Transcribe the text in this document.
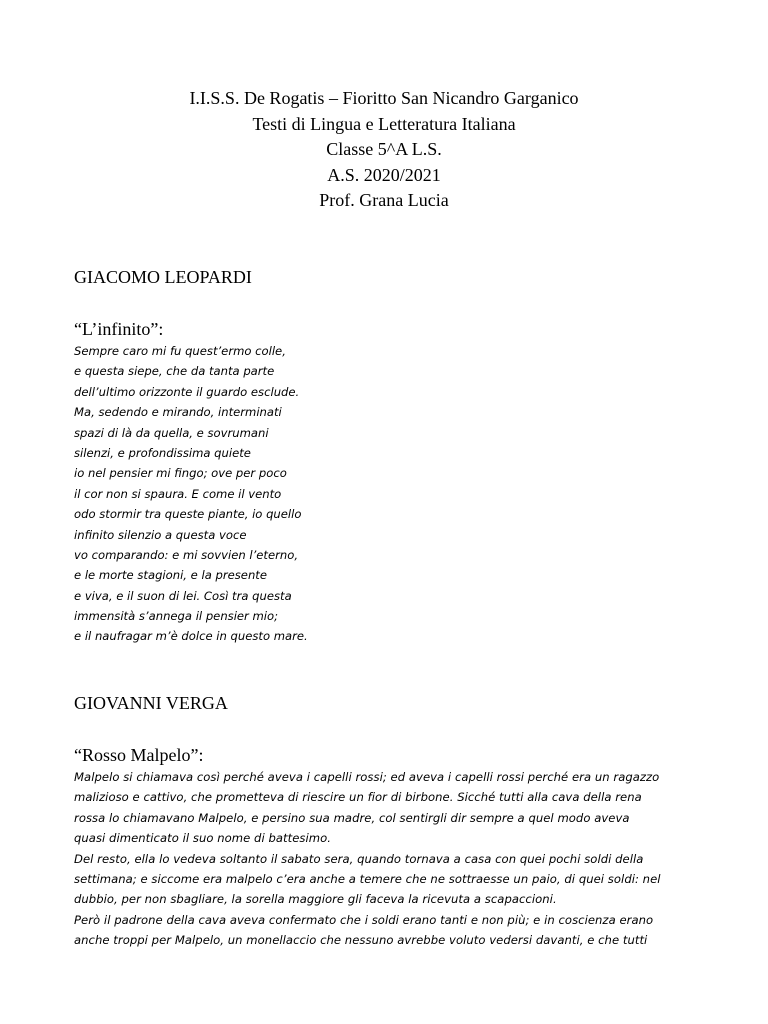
I.I.S.S. De Rogatis – Fioritto San Nicandro Garganico
Testi di Lingua e Letteratura Italiana
Classe 5^A L.S.
A.S. 2020/2021
Prof. Grana Lucia
GIACOMO LEOPARDI
“L’infinito”:
Sempre caro mi fu quest’ermo colle,
e questa siepe, che da tanta parte
dell’ultimo orizzonte il guardo esclude.
Ma, sedendo e mirando, interminati
spazi di là da quella, e sovrumani
silenzi, e profondissima quiete
io nel pensier mi fingo; ove per poco
il cor non si spaura. E come il vento
odo stormir tra queste piante, io quello
infinito silenzio a questa voce
vo comparando: e mi sovvien l’eterno,
e le morte stagioni, e la presente
e viva, e il suon di lei. Così tra questa
immensità s’annega il pensier mio;
e il naufragar m’è dolce in questo mare.
GIOVANNI VERGA
“Rosso Malpelo”:
Malpelo si chiamava così perché aveva i capelli rossi; ed aveva i capelli rossi perché era un ragazzo
malizioso e cattivo, che prometteva di riescire un fior di birbone. Sicché tutti alla cava della rena
rossa lo chiamavano Malpelo, e persino sua madre, col sentirgli dir sempre a quel modo aveva
quasi dimenticato il suo nome di battesimo.
Del resto, ella lo vedeva soltanto il sabato sera, quando tornava a casa con quei pochi soldi della
settimana; e siccome era malpelo c’era anche a temere che ne sottraesse un paio, di quei soldi: nel
dubbio, per non sbagliare, la sorella maggiore gli faceva la ricevuta a scapaccioni.
Però il padrone della cava aveva confermato che i soldi erano tanti e non più; e in coscienza erano
anche troppi per Malpelo, un monellaccio che nessuno avrebbe voluto vedersi davanti, e che tutti
